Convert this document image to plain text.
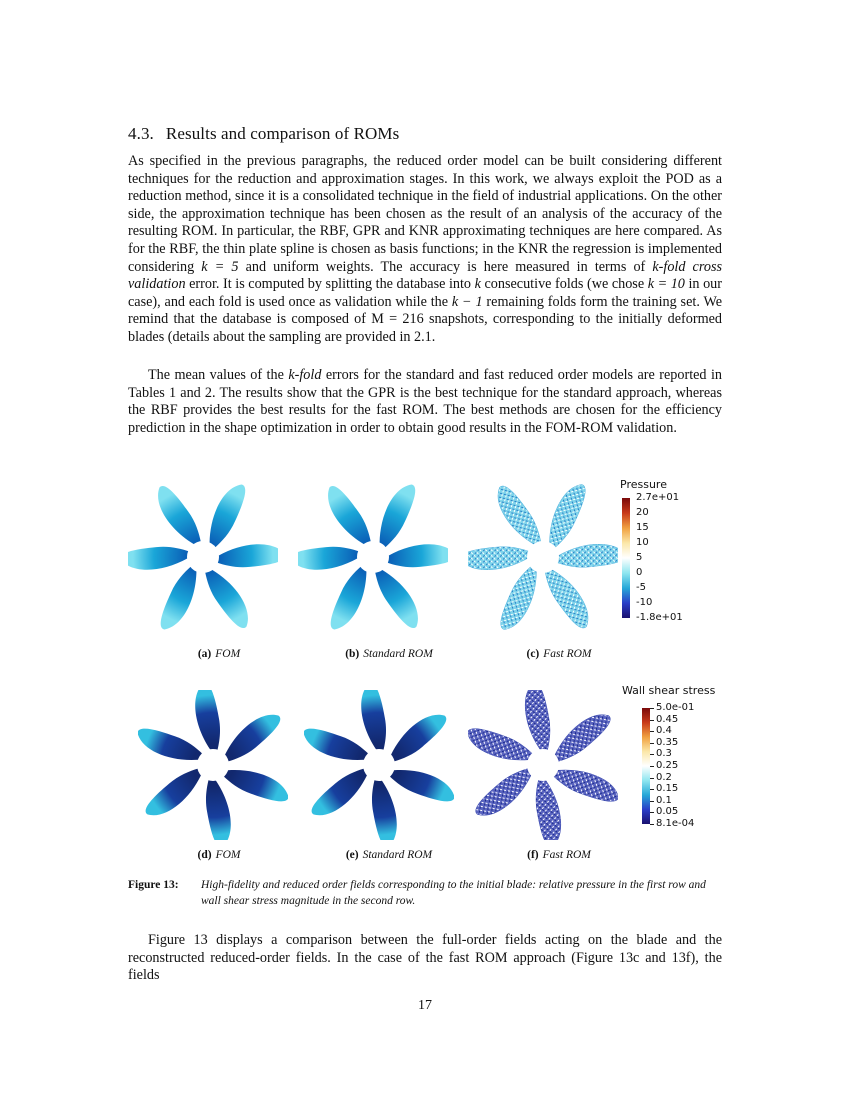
4.3. Results and comparison of ROMs
As specified in the previous paragraphs, the reduced order model can be built considering different techniques for the reduction and approximation stages. In this work, we always exploit the POD as a reduction method, since it is a consolidated technique in the field of industrial applications. On the other side, the approximation technique has been chosen as the result of an analysis of the accuracy of the resulting ROM. In particular, the RBF, GPR and KNR approximating techniques are here compared. As for the RBF, the thin plate spline is chosen as basis functions; in the KNR the regression is implemented considering k = 5 and uniform weights. The accuracy is here measured in terms of k-fold cross validation error. It is computed by splitting the database into k consecutive folds (we chose k = 10 in our case), and each fold is used once as validation while the k − 1 remaining folds form the training set. We remind that the database is composed of M = 216 snapshots, corresponding to the initially deformed blades (details about the sampling are provided in 2.1.
The mean values of the k-fold errors for the standard and fast reduced order models are reported in Tables 1 and 2. The results show that the GPR is the best technique for the standard approach, whereas the RBF provides the best results for the fast ROM. The best methods are chosen for the efficiency prediction in the shape optimization in order to obtain good results in the FOM-ROM validation.
Pressure
2.7e+01
20
15
10
5
0
-5
-10
-1.8e+01
(a) FOM	(b) Standard ROM	(c) Fast ROM
Wall shear stress
5.0e-01
0.45
0.4
0.35
0.3
0.25
0.2
0.15
0.1
0.05
8.1e-04
(d) FOM	(e) Standard ROM	(f) Fast ROM
Figure 13: High-fidelity and reduced order fields corresponding to the initial blade: relative pressure in the first row and wall shear stress magnitude in the second row.
Figure 13 displays a comparison between the full-order fields acting on the blade and the reconstructed reduced-order fields. In the case of the fast ROM approach (Figure 13c and 13f), the fields
17
